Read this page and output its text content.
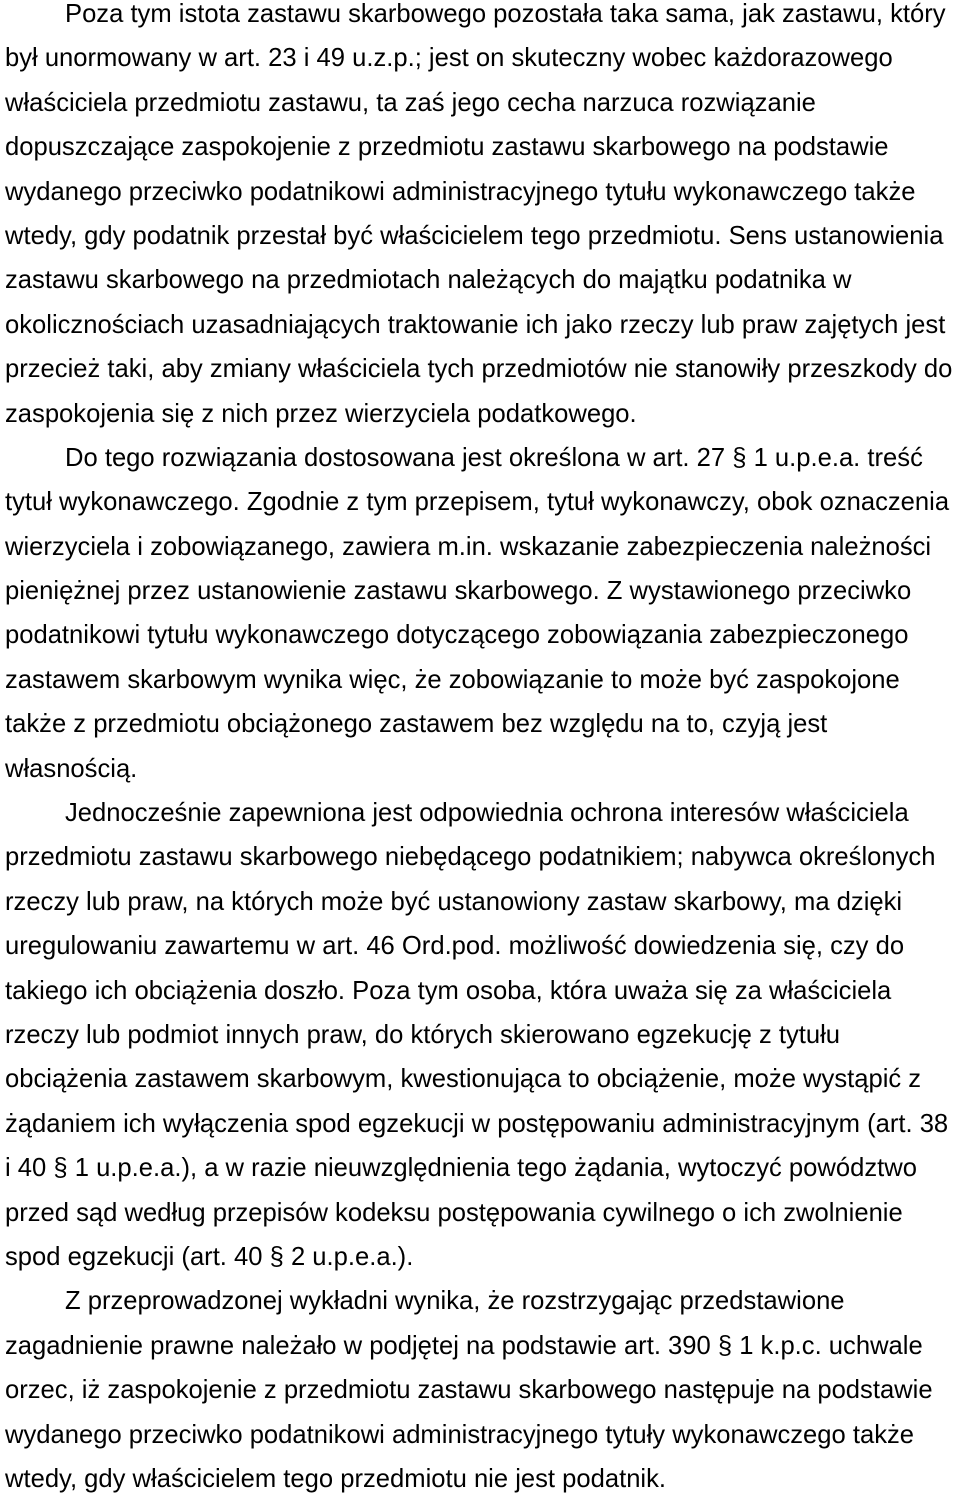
Poza tym istota zastawu skarbowego pozostała taka sama, jak zastawu, który
był unormowany w art. 23 i 49 u.z.p.; jest on skuteczny wobec każdorazowego
właściciela przedmiotu zastawu, ta zaś jego cecha narzuca rozwiązanie
dopuszczające zaspokojenie z przedmiotu zastawu skarbowego na podstawie
wydanego przeciwko podatnikowi administracyjnego tytułu wykonawczego także
wtedy, gdy podatnik przestał być właścicielem tego przedmiotu. Sens ustanowienia
zastawu skarbowego na przedmiotach należących do majątku podatnika w
okolicznościach uzasadniających traktowanie ich jako rzeczy lub praw zajętych jest
przecież taki, aby zmiany właściciela tych przedmiotów nie stanowiły przeszkody do
zaspokojenia się z nich przez wierzyciela podatkowego.
Do tego rozwiązania dostosowana jest określona w art. 27 § 1 u.p.e.a. treść
tytuł wykonawczego. Zgodnie z tym przepisem, tytuł wykonawczy, obok oznaczenia
wierzyciela i zobowiązanego, zawiera m.in. wskazanie zabezpieczenia należności
pieniężnej przez ustanowienie zastawu skarbowego. Z wystawionego przeciwko
podatnikowi tytułu wykonawczego dotyczącego zobowiązania zabezpieczonego
zastawem skarbowym wynika więc, że zobowiązanie to może być zaspokojone
także z przedmiotu obciążonego zastawem bez względu na to, czyją jest
własnością.
Jednocześnie zapewniona jest odpowiednia ochrona interesów właściciela
przedmiotu zastawu skarbowego niebędącego podatnikiem; nabywca określonych
rzeczy lub praw, na których może być ustanowiony zastaw skarbowy, ma dzięki
uregulowaniu zawartemu w art. 46 Ord.pod. możliwość dowiedzenia się, czy do
takiego ich obciążenia doszło. Poza tym osoba, która uważa się za właściciela
rzeczy lub podmiot innych praw, do których skierowano egzekucję z tytułu
obciążenia zastawem skarbowym, kwestionująca to obciążenie, może wystąpić z
żądaniem ich wyłączenia spod egzekucji w postępowaniu administracyjnym (art. 38
i 40 § 1 u.p.e.a.), a w razie nieuwzględnienia tego żądania, wytoczyć powództwo
przed sąd według przepisów kodeksu postępowania cywilnego o ich zwolnienie
spod egzekucji (art. 40 § 2 u.p.e.a.).
Z przeprowadzonej wykładni wynika, że rozstrzygając przedstawione
zagadnienie prawne należało w podjętej na podstawie art. 390 § 1 k.p.c. uchwale
orzec, iż zaspokojenie z przedmiotu zastawu skarbowego następuje na podstawie
wydanego przeciwko podatnikowi administracyjnego tytuły wykonawczego także
wtedy, gdy właścicielem tego przedmiotu nie jest podatnik.
